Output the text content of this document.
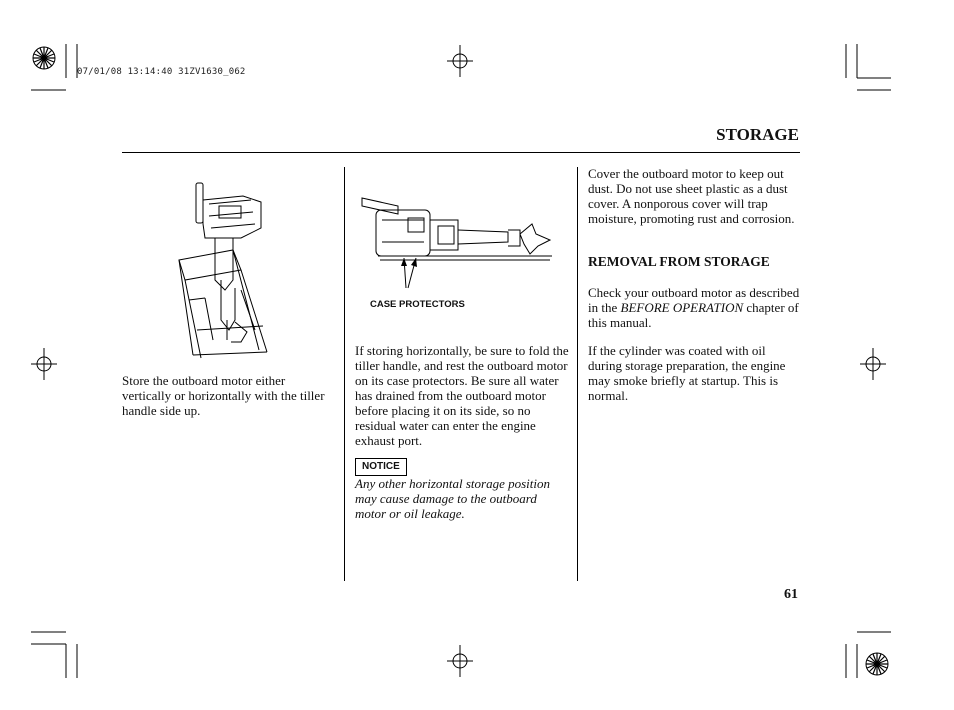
07/01/08 13:14:40 31ZV1630_062
STORAGE
Store the outboard motor either vertically or horizontally with the tiller handle side up.
CASE PROTECTORS
If storing horizontally, be sure to fold the tiller handle, and rest the outboard motor on its case protectors. Be sure all water has drained from the outboard motor before placing it on its side, so no residual water can enter the engine exhaust port.
NOTICE
Any other horizontal storage position may cause damage to the outboard motor or oil leakage.
Cover the outboard motor to keep out dust. Do not use sheet plastic as a dust cover. A nonporous cover will trap moisture, promoting rust and corrosion.
REMOVAL FROM STORAGE
Check your outboard motor as described in the BEFORE OPERATION chapter of this manual.
If the cylinder was coated with oil during storage preparation, the engine may smoke briefly at startup. This is normal.
61
